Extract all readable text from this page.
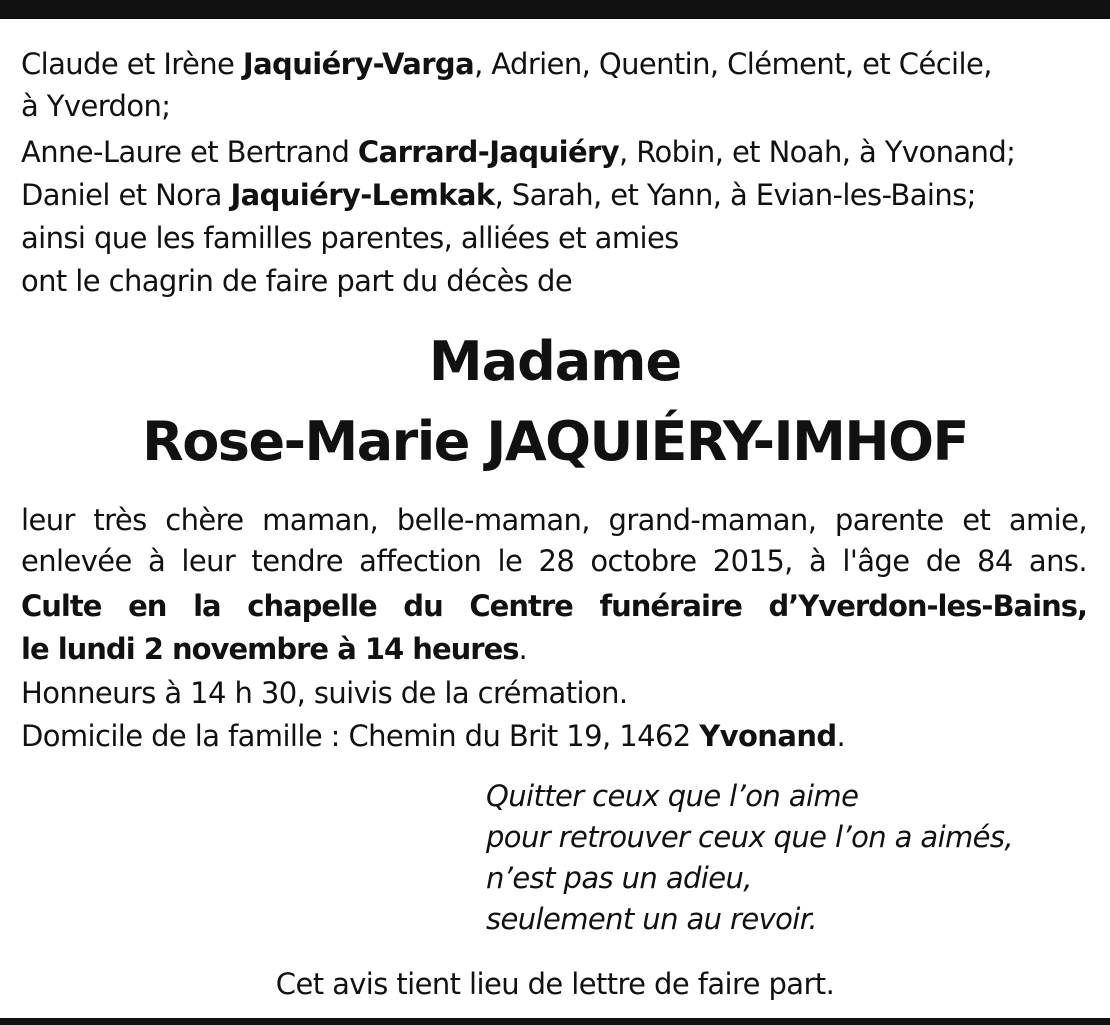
Claude et Irène Jaquiéry-Varga, Adrien, Quentin, Clément, et Cécile,
à Yverdon;
Anne-Laure et Bertrand Carrard-Jaquiéry, Robin, et Noah, à Yvonand;
Daniel et Nora Jaquiéry-Lemkak, Sarah, et Yann, à Evian-les-Bains;
ainsi que les familles parentes, alliées et amies
ont le chagrin de faire part du décès de
Madame
Rose-Marie JAQUIÉRY-IMHOF
leur très chère maman, belle-maman, grand-maman, parente et amie,
enlevée à leur tendre affection le 28 octobre 2015, à l'âge de 84 ans.
Culte en la chapelle du Centre funéraire d’Yverdon-les-Bains,
le lundi 2 novembre à 14 heures.
Honneurs à 14 h 30, suivis de la crémation.
Domicile de la famille : Chemin du Brit 19, 1462 Yvonand.
Quitter ceux que l’on aime
pour retrouver ceux que l’on a aimés,
n’est pas un adieu,
seulement un au revoir.
Cet avis tient lieu de lettre de faire part.
